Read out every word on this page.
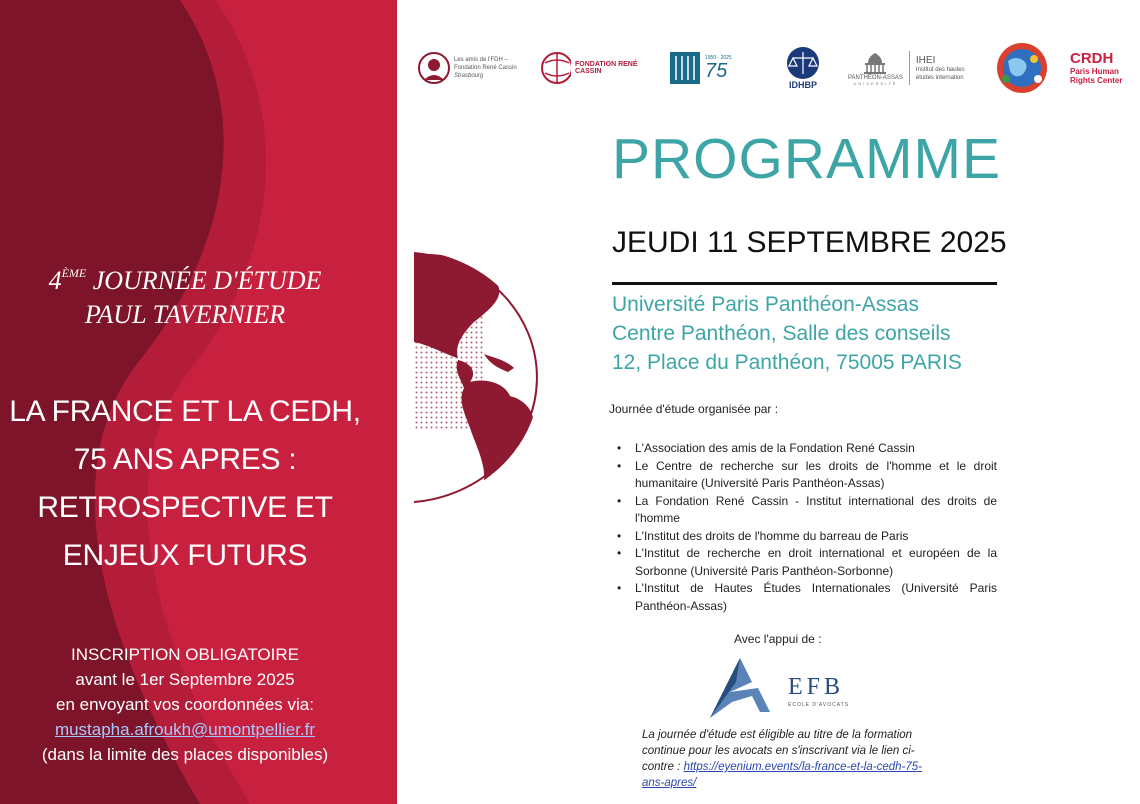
4ÈME JOURNÉE D'ÉTUDE
PAUL TAVERNIER
LA FRANCE ET LA CEDH,
75 ANS APRES :
RETROSPECTIVE ET
ENJEUX FUTURS
INSCRIPTION OBLIGATOIRE
avant le 1er Septembre 2025
en envoyant vos coordonnées via:
mustapha.afroukh@umontpellier.fr
(dans la limite des places disponibles)
Les amis de l'FDH –
Fondation René Cassin
Strasbourg
FONDATION RENÉ CASSIN
1950 - 2025
75
IDHBP
PANTHÉON-ASSAS
UNIVERSITÉ
IHEI
Institut des hautes
études internation
CRDH
Paris Human
Rights Center
PROGRAMME
JEUDI 11 SEPTEMBRE 2025
Université Paris Panthéon-Assas
Centre Panthéon, Salle des conseils
12, Place du Panthéon, 75005 PARIS
Journée d'étude organisée par :
• L'Association des amis de la Fondation René Cassin
• Le Centre de recherche sur les droits de l'homme et le droit humanitaire (Université Paris Panthéon-Assas)
• La Fondation René Cassin - Institut international des droits de l'homme
• L'Institut des droits de l'homme du barreau de Paris
• L'Institut de recherche en droit international et européen de la Sorbonne (Université Paris Panthéon-Sorbonne)
• L'Institut de Hautes Études Internationales (Université Paris Panthéon-Assas)
Avec l'appui de :
EFB
ÉCOLE D'AVOCATS
La journée d'étude est éligible au titre de la formation continue pour les avocats en s'inscrivant via le lien ci-contre : https://eyenium.events/la-france-et-la-cedh-75-ans-apres/
